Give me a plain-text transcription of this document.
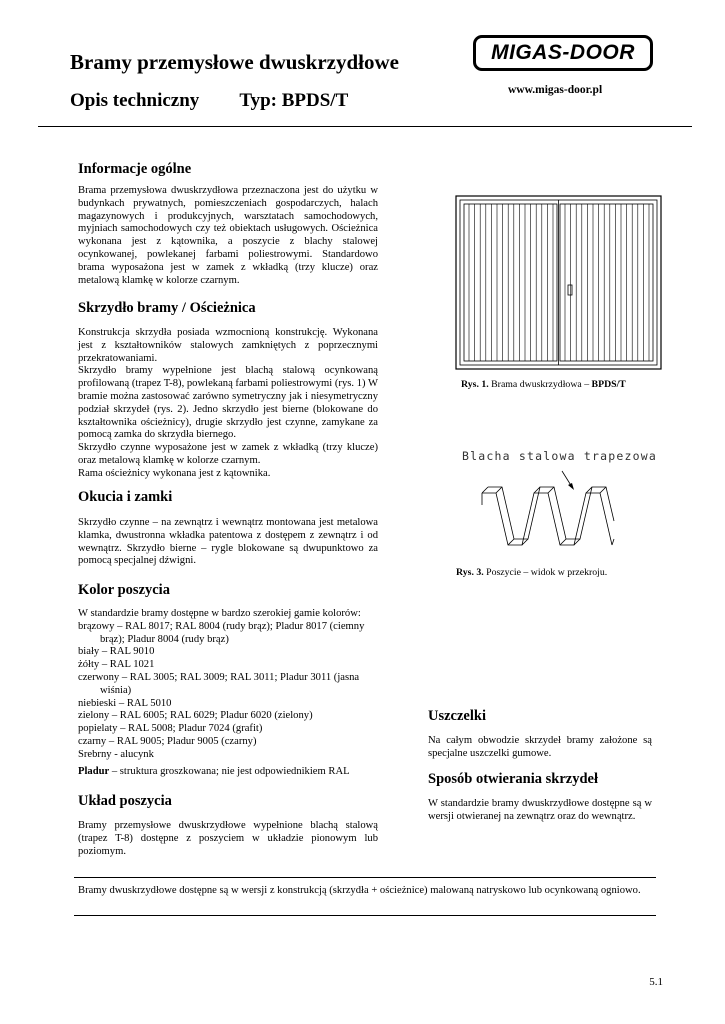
Bramy przemysłowe dwuskrzydłowe
Opis techniczny Typ: BPDS/T
MIGAS-DOOR
www.migas-door.pl
Informacje ogólne

Brama przemysłowa dwuskrzydłowa przeznaczona jest do użytku w budynkach prywatnych, pomieszczeniach gospodarczych, halach magazynowych i produkcyjnych, warsztatach samochodowych, myjniach samochodowych czy też obiektach usługowych. Ościeżnica wykonana jest z kątownika, a poszycie z blachy stalowej ocynkowanej, powlekanej farbami poliestrowymi. Standardowo brama wyposażona jest w zamek z wkładką (trzy klucze) oraz metalową klamkę w kolorze czarnym.

Skrzydło bramy / Ościeżnica

Konstrukcja skrzydła posiada wzmocnioną konstrukcję. Wykonana jest z kształtowników stalowych zamkniętych z poprzecznymi przekratowaniami.

Skrzydło bramy wypełnione jest blachą stalową ocynkowaną profilowaną (trapez T-8), powlekaną farbami poliestrowymi (rys. 1) W bramie można zastosować zarówno symetryczny jak i niesymetryczny podział skrzydeł (rys. 2). Jedno skrzydło jest bierne (blokowane do kształtownika ościeżnicy), drugie skrzydło jest czynne, zamykane za pomocą zamka do skrzydła biernego.

Skrzydło czynne wyposażone jest w zamek z wkładką (trzy klucze) oraz metalową klamkę w kolorze czarnym.

Rama ościeżnicy wykonana jest z kątownika.

Okucia i zamki

Skrzydło czynne – na zewnątrz i wewnątrz montowana jest metalowa klamka, dwustronna wkładka patentowa z dostępem z zewnątrz i od wewnątrz. Skrzydło bierne – rygle blokowane są dwupunktowo za pomocą specjalnej dźwigni.

Kolor poszycia
W standardzie bramy dostępne w bardzo szerokiej gamie kolorów:
brązowy – RAL 8017; RAL 8004 (rudy brąz); Pladur 8017 (ciemny
brąz); Pladur 8004 (rudy brąz)
biały – RAL 9010
żółty – RAL 1021
czerwony – RAL 3005; RAL 3009; RAL 3011; Pladur 3011 (jasna
wiśnia)
niebieski – RAL 5010
zielony – RAL 6005; RAL 6029; Pladur 6020 (zielony)
popielaty – RAL 5008; Pladur 7024 (grafit)
czarny – RAL 9005; Pladur 9005 (czarny)
Srebrny - alucynk
Pladur – struktura groszkowana; nie jest odpowiednikiem RAL
Układ poszycia

Bramy przemysłowe dwuskrzydłowe wypełnione blachą stalową (trapez T-8) dostępne z poszyciem w układzie pionowym lub poziomym.

Rys. 1. Brama dwuskrzydłowa – BPDS/T
Blacha stalowa trapezowa
Rys. 3. Poszycie – widok w przekroju.
Uszczelki

Na całym obwodzie skrzydeł bramy założone są specjalne uszczelki gumowe.

Sposób otwierania skrzydeł

W standardzie bramy dwuskrzydłowe dostępne są w wersji otwieranej na zewnątrz oraz do wewnątrz.

Bramy dwuskrzydłowe dostępne są w wersji z konstrukcją (skrzydła + ościeżnice) malowaną natryskowo lub ocynkowaną ogniowo.
5.1
